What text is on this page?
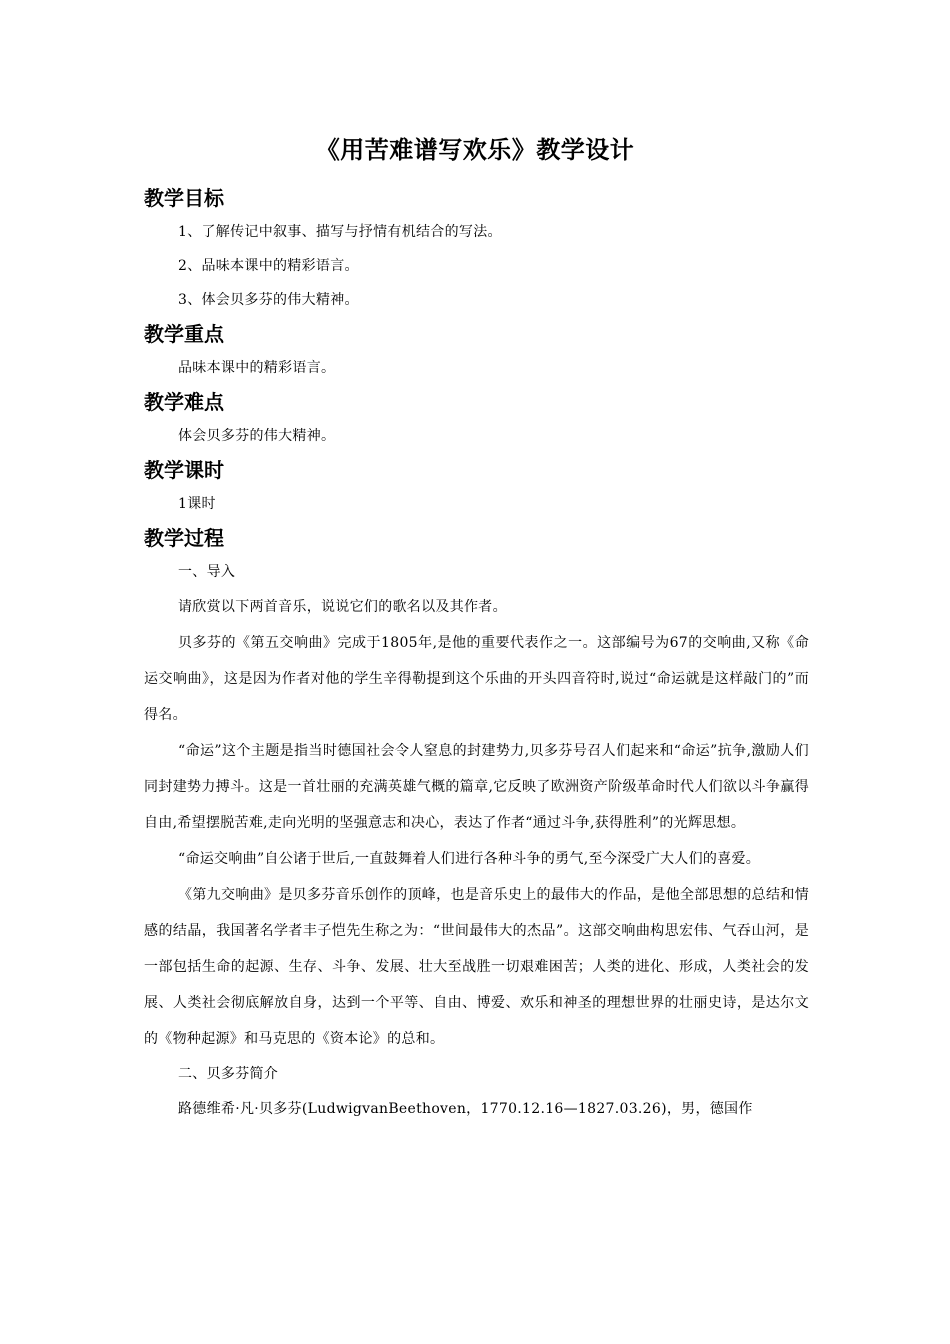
《用苦难谱写欢乐》教学设计
教学目标

1、了解传记中叙事、描写与抒情有机结合的写法。

2、品味本课中的精彩语言。

3、体会贝多芬的伟大精神。

教学重点

品味本课中的精彩语言。

教学难点

体会贝多芬的伟大精神。

教学课时

1课时

教学过程

一、导入

请欣赏以下两首音乐，说说它们的歌名以及其作者。

贝多芬的《第五交响曲》完成于1805年,是他的重要代表作之一。这部编号为67的交响曲,又称《命运交响曲》，这是因为作者对他的学生辛得勒提到这个乐曲的开头四音符时,说过“命运就是这样敲门的”而得名。

“命运”这个主题是指当时德国社会令人窒息的封建势力,贝多芬号召人们起来和“命运”抗争,激励人们同封建势力搏斗。这是一首壮丽的充满英雄气概的篇章,它反映了欧洲资产阶级革命时代人们欲以斗争赢得自由,希望摆脱苦难,走向光明的坚强意志和决心，表达了作者“通过斗争,获得胜利”的光辉思想。

“命运交响曲”自公诸于世后,一直鼓舞着人们进行各种斗争的勇气,至今深受广大人们的喜爱。

《第九交响曲》是贝多芬音乐创作的顶峰，也是音乐史上的最伟大的作品，是他全部思想的总结和情感的结晶，我国著名学者丰子恺先生称之为：“世间最伟大的杰品”。这部交响曲构思宏伟、气吞山河，是一部包括生命的起源、生存、斗争、发展、壮大至战胜一切艰难困苦；人类的进化、形成，人类社会的发展、人类社会彻底解放自身，达到一个平等、自由、博爱、欢乐和神圣的理想世界的壮丽史诗，是达尔文的《物种起源》和马克思的《资本论》的总和。

二、贝多芬简介

路德维希·凡·贝多芬(LudwigvanBeethoven，1770.12.16—1827.03.26)，男，德国作
